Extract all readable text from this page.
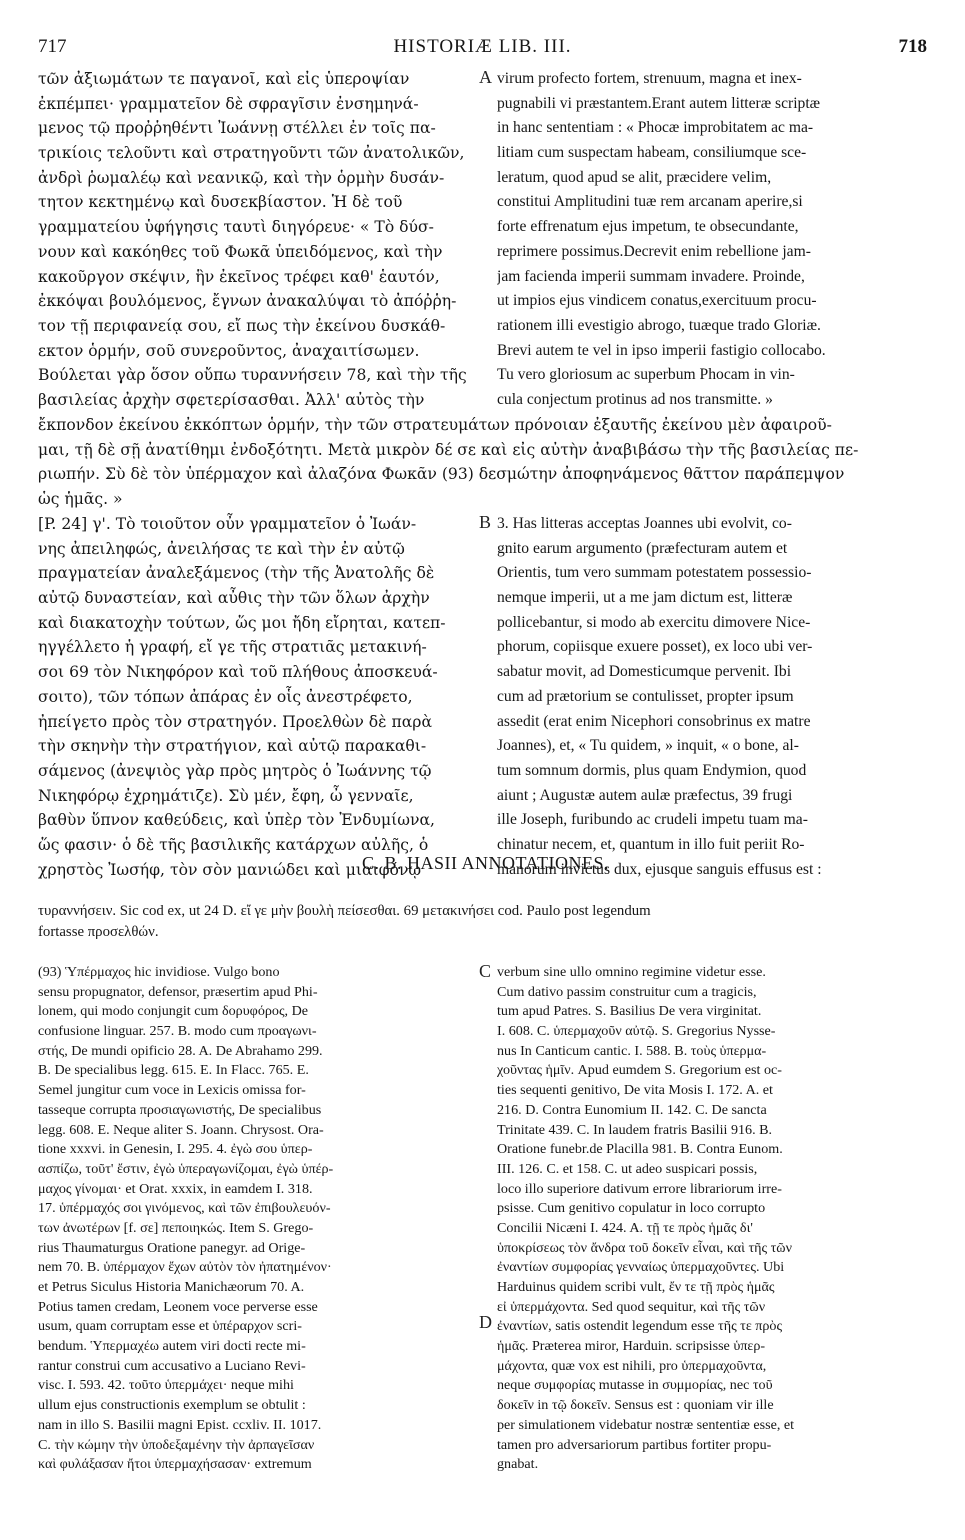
717	HISTORIÆ LIB. III.	718
τῶν ἀξιωμάτων τε παγανοῖ, καὶ εἰς ὑπεροψίαν
ἐκπέμπει· γραμματεῖον δὲ σφραγῖσιν ἐνσημηνά-
μενος τῷ προῤῥηθέντι Ἰωάννῃ στέλλει ἐν τοῖς πα-
τρικίοις τελοῦντι καὶ στρατηγοῦντι τῶν ἀνατολικῶν,
ἀνδρὶ ῥωμαλέῳ καὶ νεανικῷ, καὶ τὴν ὁρμὴν δυσάν-
τητον κεκτημένῳ καὶ δυσεκβίαστον. Ἡ δὲ τοῦ
γραμματείου ὑφήγησις ταυτὶ διηγόρευε· « Τὸ δύσ-
νουν καὶ κακόηθες τοῦ Φωκᾶ ὑπειδόμενος, καὶ τὴν
κακοῦργον σκέψιν, ἣν ἐκεῖνος τρέφει καθ' ἑαυτόν,
ἐκκόψαι βουλόμενος, ἔγνων ἀνακαλύψαι τὸ ἀπόῤῥη-
τον τῇ περιφανείᾳ σου, εἴ πως τὴν ἐκείνου δυσκάθ-
εκτον ὁρμήν, σοῦ συνεροῦντος, ἀναχαιτίσωμεν.
Βούλεται γὰρ ὅσον οὔπω τυραννήσειν 78, καὶ τὴν τῆς
βασιλείας ἀρχὴν σφετερίσασθαι. Ἀλλ' αὐτὸς τὴν
virum profecto fortem, strenuum, magna et inex-
pugnabili vi præstantem.Erant autem litteræ scriptæ
in hanc sententiam : « Phocæ improbitatem ac ma-
litiam cum suspectam habeam, consiliumque sce-
leratum, quod apud se alit, præcidere velim,
constitui Amplitudini tuæ rem arcanam aperire,si
forte effrenatum ejus impetum, te obsecundante,
reprimere possimus.Decrevit enim rebellione jam-
jam facienda imperii summam invadere. Proinde,
ut impios ejus vindicem conatus,exercituum procu-
rationem illi evestigio abrogo, tuæque trado Gloriæ.
Brevi autem te vel in ipso imperii fastigio collocabo.
Tu vero gloriosum ac superbum Phocam in vin-
cula conjectum protinus ad nos transmitte. »
A
ἔκπονδον ἐκείνου ἐκκόπτων ὁρμήν, τὴν τῶν στρατευμάτων πρόνοιαν ἐξαυτῆς ἐκείνου μὲν ἀφαιροῦ-
μαι, τῇ δὲ σῇ ἀνατίθημι ἐνδοξότητι. Μετὰ μικρὸν δέ σε καὶ εἰς αὐτὴν ἀναβιβάσω τὴν τῆς βασιλείας πε-
ριωπήν. Σὺ δὲ τὸν ὑπέρμαχον καὶ ἀλαζόνα Φωκᾶν (93) δεσμώτην ἀποφηνάμενος θᾶττον παράπεμψον
ὡς ἡμᾶς. »
[P. 24] γ'. Τὸ τοιοῦτον οὖν γραμματεῖον ὁ Ἰωάν-
νης ἀπειληφώς, ἀνειλήσας τε καὶ τὴν ἐν αὐτῷ
πραγματείαν ἀναλεξάμενος (τὴν τῆς Ἀνατολῆς δὲ
αὐτῷ δυναστείαν, καὶ αὖθις τὴν τῶν ὅλων ἀρχὴν
καὶ διακατοχὴν τούτων, ὥς μοι ἤδη εἴρηται, κατεπ-
ηγγέλλετο ἡ γραφή, εἴ γε τῆς στρατιᾶς μετακινή-
σοι 69 τὸν Νικηφόρον καὶ τοῦ πλήθους ἀποσκευά-
σοιτο), τῶν τόπων ἀπάρας ἐν οἷς ἀνεστρέφετο,
ἠπείγετο πρὸς τὸν στρατηγόν. Προελθὼν δὲ παρὰ
τὴν σκηνὴν τὴν στρατήγιον, καὶ αὐτῷ παρακαθι-
σάμενος (ἀνεψιὸς γὰρ πρὸς μητρὸς ὁ Ἰωάννης τῷ
Νικηφόρῳ ἐχρημάτιζε). Σὺ μέν, ἔφη, ὦ γενναῖε,
βαθὺν ὕπνον καθεύδεις, καὶ ὑπὲρ τὸν Ἐνδυμίωνα,
ὥς φασιν· ὁ δὲ τῆς βασιλικῆς κατάρχων αὐλῆς, ὁ
χρηστὸς Ἰωσήφ, τὸν σὸν μανιώδει καὶ μιαιφόνῳ
3. Has litteras acceptas Joannes ubi evolvit, co-
gnito earum argumento (præfecturam autem et
Orientis, tum vero summam potestatem possessio-
nemque imperii, ut a me jam dictum est, litteræ
pollicebantur, si modo ab exercitu dimovere Nice-
phorum, copiisque exuere posset), ex loco ubi ver-
sabatur movit, ad Domesticumque pervenit. Ibi
cum ad prætorium se contulisset, propter ipsum
assedit (erat enim Nicephori consobrinus ex matre
Joannes), et, « Tu quidem, » inquit, « o bone, al-
tum somnum dormis, plus quam Endymion, quod
aiunt ; Augustæ autem aulæ præfectus, 39 frugi
ille Joseph, furibundo ac crudeli impetu tuam ma-
chinatur necem, et, quantum in illo fuit periit Ro-
manorum invictus dux, ejusque sanguis effusus est :
B
C. B. HASII ANNOTATIONES.
τυραννήσειν. Sic cod ex, ut 24 D. εἴ γε μὴν βουλὴ πείσεσθαι. 69 μετακινήσει cod. Paulo post legendum
fortasse προσελθών.
(93) Ὑπέρμαχος hic invidiose. Vulgo bono
sensu propugnator, defensor, præsertim apud Phi-
lonem, qui modo conjungit cum δορυφόρος, De
confusione linguar. 257. B. modo cum προαγωνι-
στής, De mundi opificio 28. A. De Abrahamo 299.
B. De specialibus legg. 615. E. In Flacc. 765. E.
Semel jungitur cum voce in Lexicis omissa for-
tasseque corrupta προσιαγωνιστής, De specialibus
legg. 608. E. Neque aliter S. Joann. Chrysost. Ora-
tione xxxvi. in Genesin, I. 295. 4. ἐγὼ σου ὑπερ-
ασπίζω, τοῦτ' ἔστιν, ἐγὼ ὑπεραγωνίζομαι, ἐγὼ ὑπέρ-
μαχος γίνομαι· et Orat. xxxix, in eamdem I. 318.
17. ὑπέρμαχός σοι γινόμενος, καὶ τῶν ἐπιβουλευόν-
των ἀνωτέρων [f. σε] πεποιηκώς. Item S. Grego-
rius Thaumaturgus Oratione panegyr. ad Orige-
nem 70. B. ὑπέρμαχον ἔχων αὐτὸν τὸν ἠπατημένον·
et Petrus Siculus Historia Manichæorum 70. A.
Potius tamen credam, Leonem voce perverse esse
usum, quam corruptam esse et ὑπέραρχον scri-
bendum. Ὑπερμαχέω autem viri docti recte mi-
rantur construi cum accusativo a Luciano Revi-
visc. I. 593. 42. τοῦτο ὑπερμάχει· neque mihi
ullum ejus constructionis exemplum se obtulit :
nam in illo S. Basilii magni Epist. ccxliv. II. 1017.
C. τὴν κώμην τὴν ὑποδεξαμένην τὴν ἀρπαγεῖσαν
καὶ φυλάξασαν ἤτοι ὑπερμαχήσασαν· extremum
verbum sine ullo omnino regimine videtur esse.
Cum dativo passim construitur cum a tragicis,
tum apud Patres. S. Basilius De vera virginitat.
I. 608. C. ὑπερμαχοῦν αὐτῷ. S. Gregorius Nysse-
nus In Canticum cantic. I. 588. B. τοὺς ὑπερμα-
χοῦντας ἡμῖν. Apud eumdem S. Gregorium est oc-
ties sequenti genitivo, De vita Mosis I. 172. A. et
216. D. Contra Eunomium II. 142. C. De sancta
Trinitate 439. C. In laudem fratris Basilii 916. B.
Oratione funebr.de Placilla 981. B. Contra Eunom.
III. 126. C. et 158. C. ut adeo suspicari possis,
loco illo superiore dativum errore librariorum irre-
psisse. Cum genitivo copulatur in loco corrupto
Concilii Nicæni I. 424. A. τῇ τε πρὸς ἡμᾶς δι'
ὑποκρίσεως τὸν ἄνδρα τοῦ δοκεῖν εἶναι, καὶ τῆς τῶν
ἐναντίων συμφορίας γενναίως ὑπερμαχοῦντες. Ubi
Harduinus quidem scribi vult, ἔν τε τῇ πρὸς ἡμᾶς
εἰ ὑπερμάχοντα. Sed quod sequitur, καὶ τῆς τῶν
ἐναντίων, satis ostendit legendum esse τῆς τε πρὸς
ἡμᾶς. Præterea miror, Harduin. scripsisse ὑπερ-
μάχοντα, quæ vox est nihili, pro ὑπερμαχοῦντα,
neque συμφορίας mutasse in συμμορίας, nec τοῦ
δοκεῖν in τῷ δοκεῖν. Sensus est : quoniam vir ille
per simulationem videbatur nostræ sententiæ esse, et
tamen pro adversariorum partibus fortiter propu-
gnabat.
C
D
